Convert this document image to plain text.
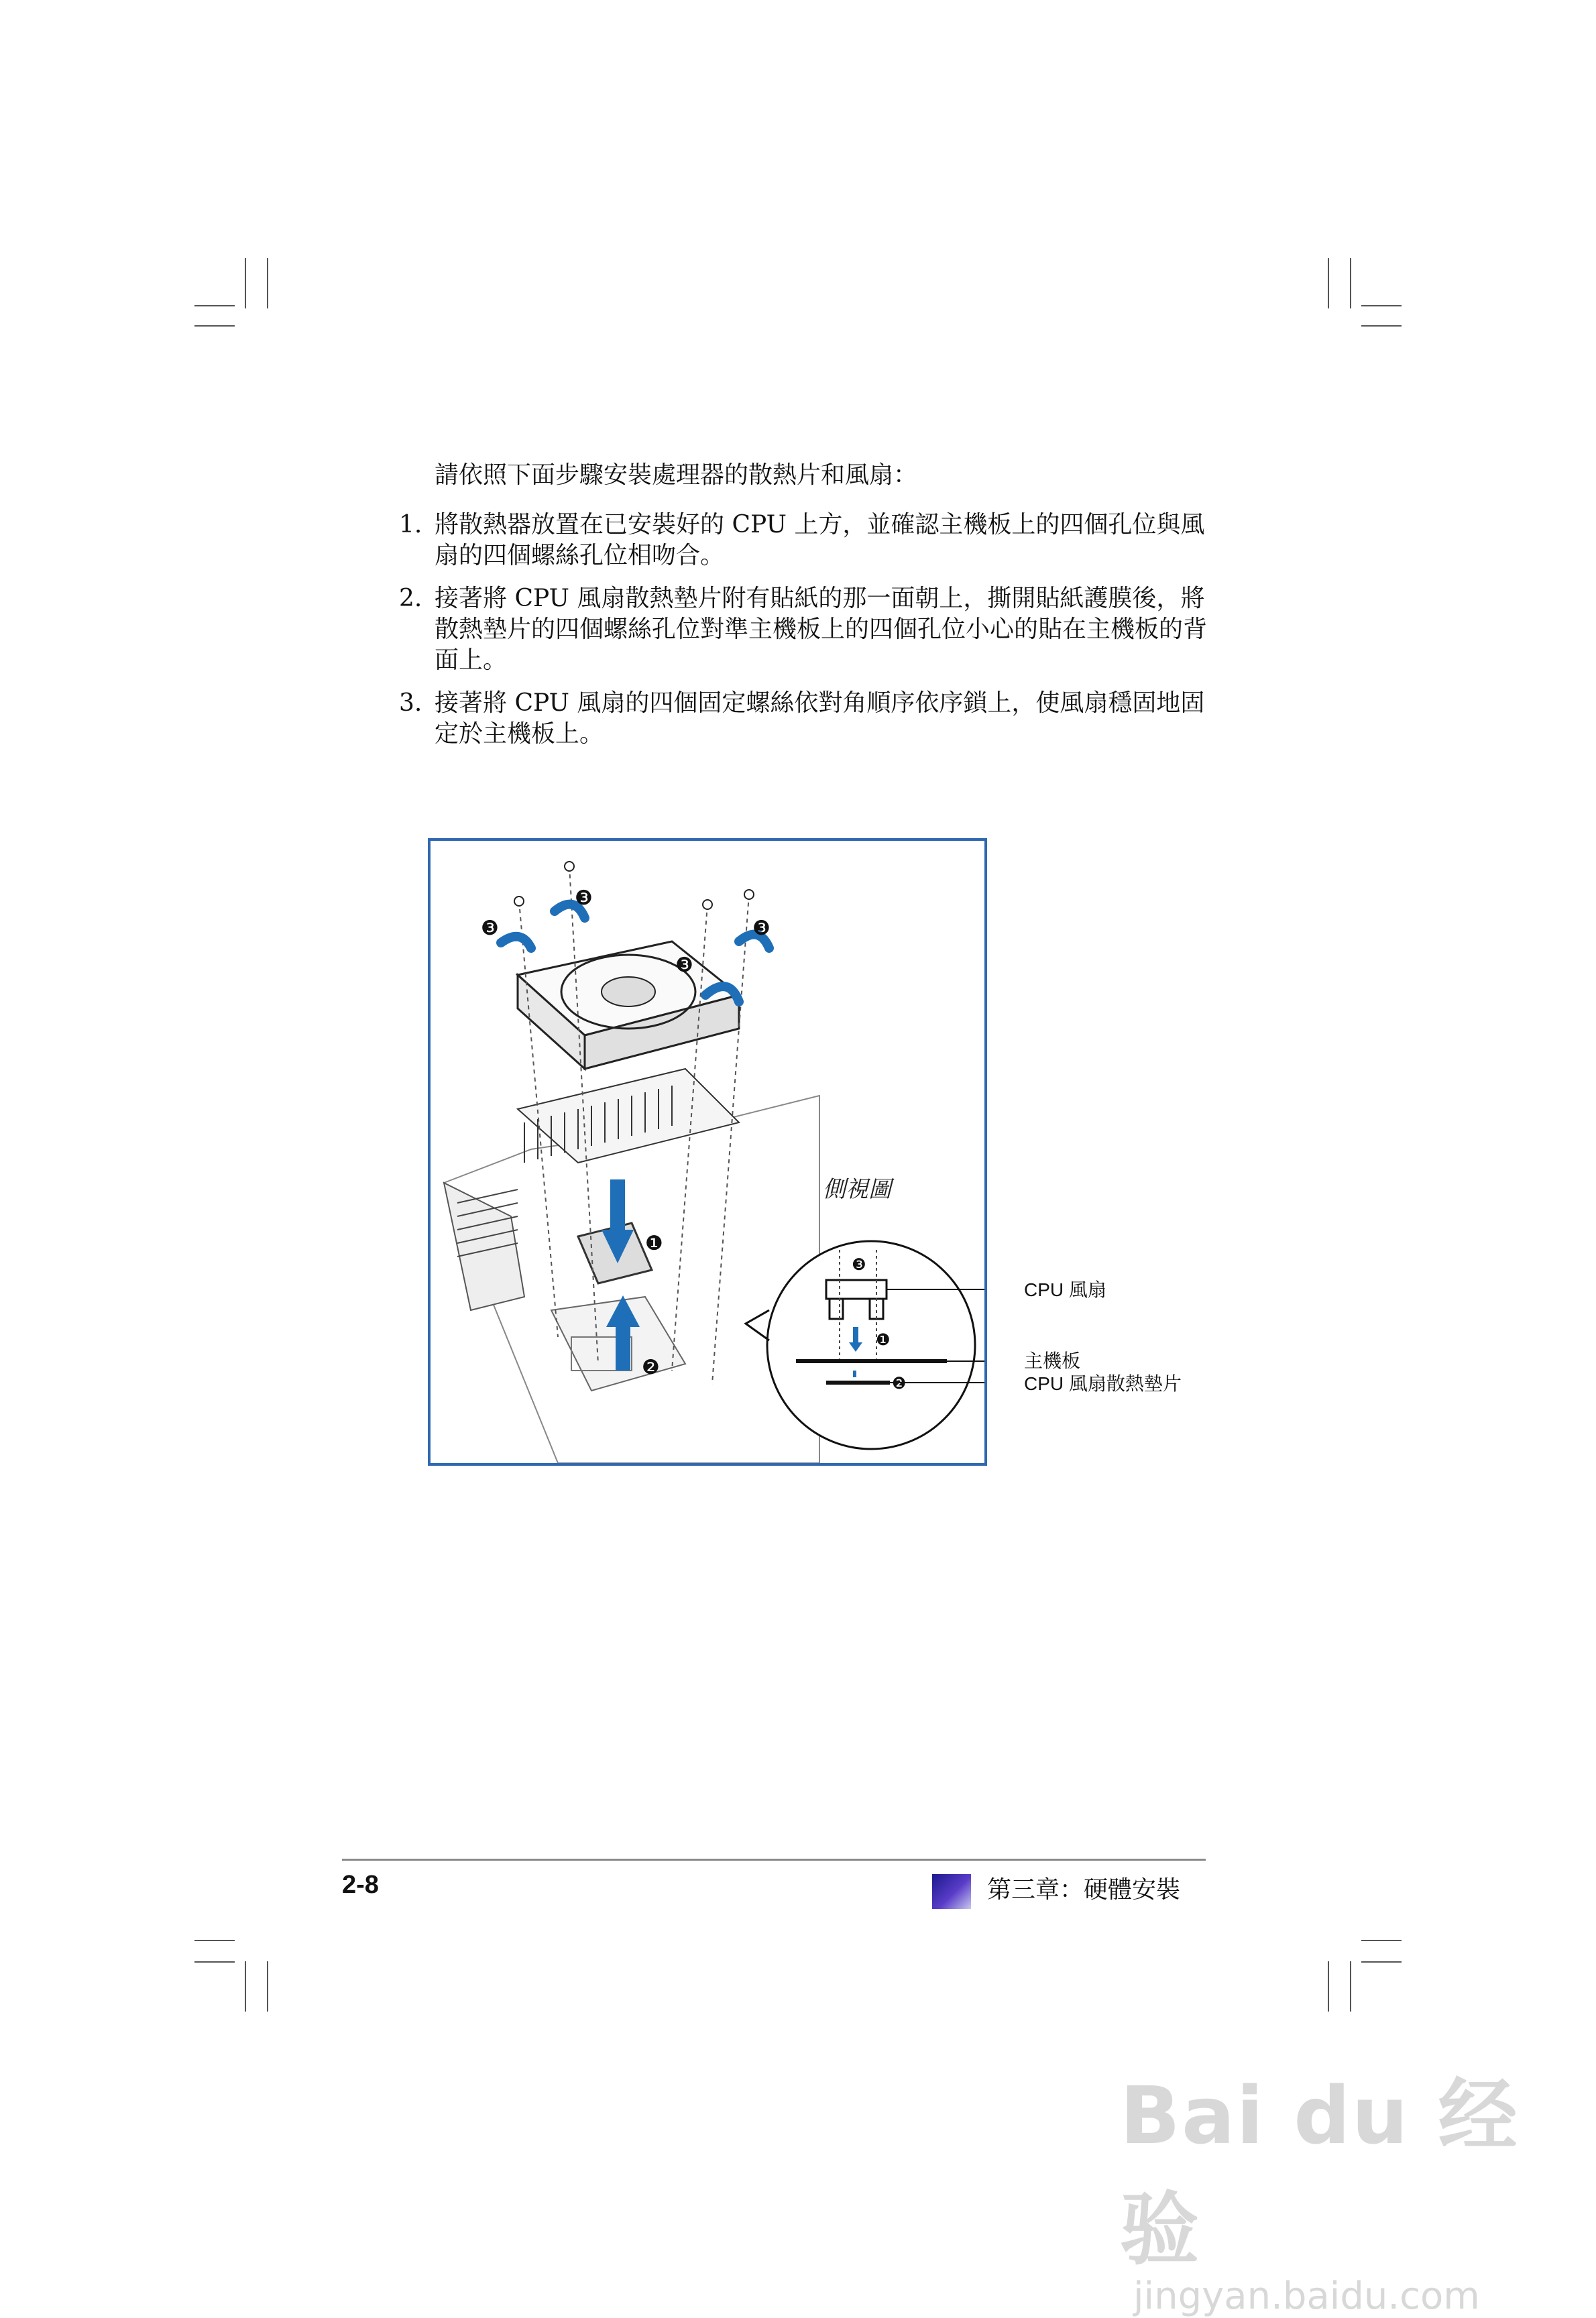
請依照下面步驟安裝處理器的散熱片和風扇：
1. 將散熱器放置在已安裝好的 CPU 上方，並確認主機板上的四個孔位與風扇的四個螺絲孔位相吻合。
2. 接著將 CPU 風扇散熱墊片附有貼紙的那一面朝上，撕開貼紙護膜後，將散熱墊片的四個螺絲孔位對準主機板上的四個孔位小心的貼在主機板的背面上。
3. 接著將 CPU 風扇的四個固定螺絲依對角順序依序鎖上，使風扇穩固地固定於主機板上。
❶
❷
❸
❸
❸
❸
❸
❶
❷
側視圖
CPU 風扇
主機板
CPU 風扇散熱墊片
2-8	第三章：硬體安裝
Bai du 经验
jingyan.baidu.com
